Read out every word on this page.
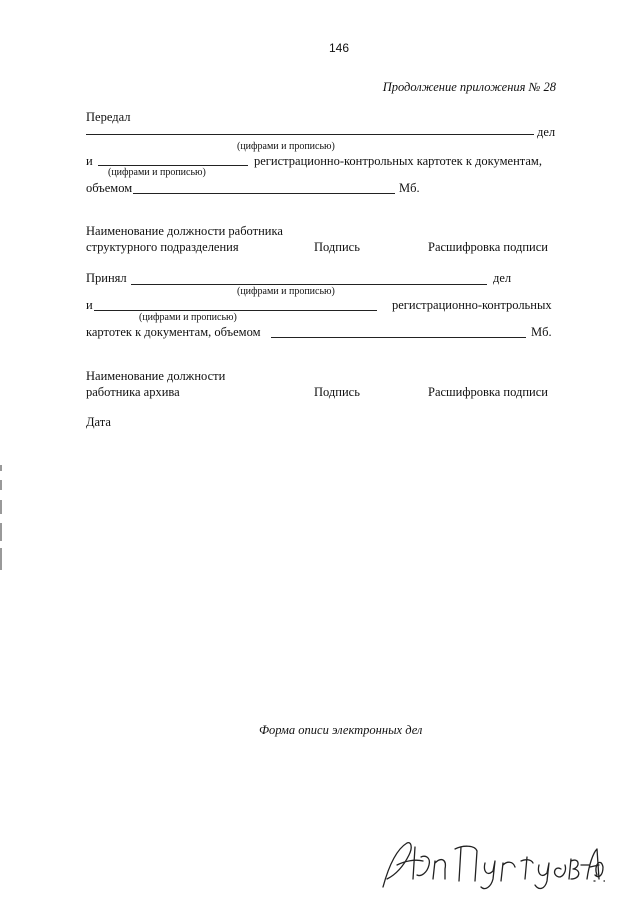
146
Продолжение приложения № 28
Передал
дел
(цифрами и прописью)
и	регистрационно-контрольных картотек к документам,
(цифрами и прописью)
объемом	Мб.
Наименование должности работника
структурного подразделения	Подпись	Расшифровка подписи
Принял	дел
(цифрами и прописью)
и	регистрационно-контрольных
(цифрами и прописью)
картотек к документам, объемом	Мб.
Наименование должности
работника архива	Подпись	Расшифровка подписи
Дата
Форма описи электронных дел
